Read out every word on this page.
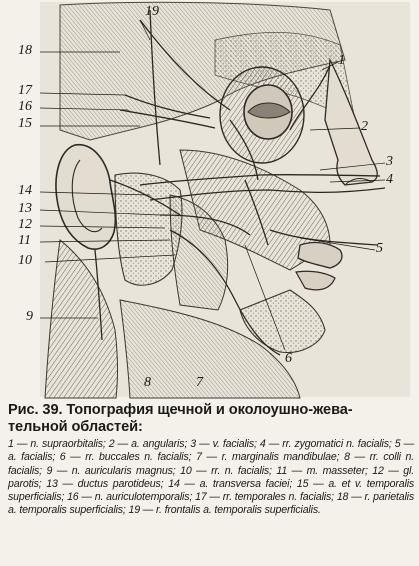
19
18
1
17
16
15	2
3
4
14
13
12
11
5
10
9
6
8	7

Рис. 39. Топография щечной и околоушно-жева-
тельной областей:

1 — n. supraorbitalis; 2 — a. angularis; 3 — v. facialis; 4 — rr. zygomatici n. facialis; 5 — a. facialis; 6 — rr. buccales n. facialis; 7 — r. marginalis mandibulae; 8 — rr. colli n. facialis; 9 — n. auricularis magnus; 10 — rr. n. facialis; 11 — m. masseter; 12 — gl. parotis; 13 — ductus parotideus; 14 — a. transversa faciei; 15 — a. et v. temporalis superficialis; 16 — n. auriculotemporalis; 17 — rr. temporales n. facialis; 18 — r. parietalis a. temporalis superficialis; 19 — r. frontalis a. temporalis superficialis.
